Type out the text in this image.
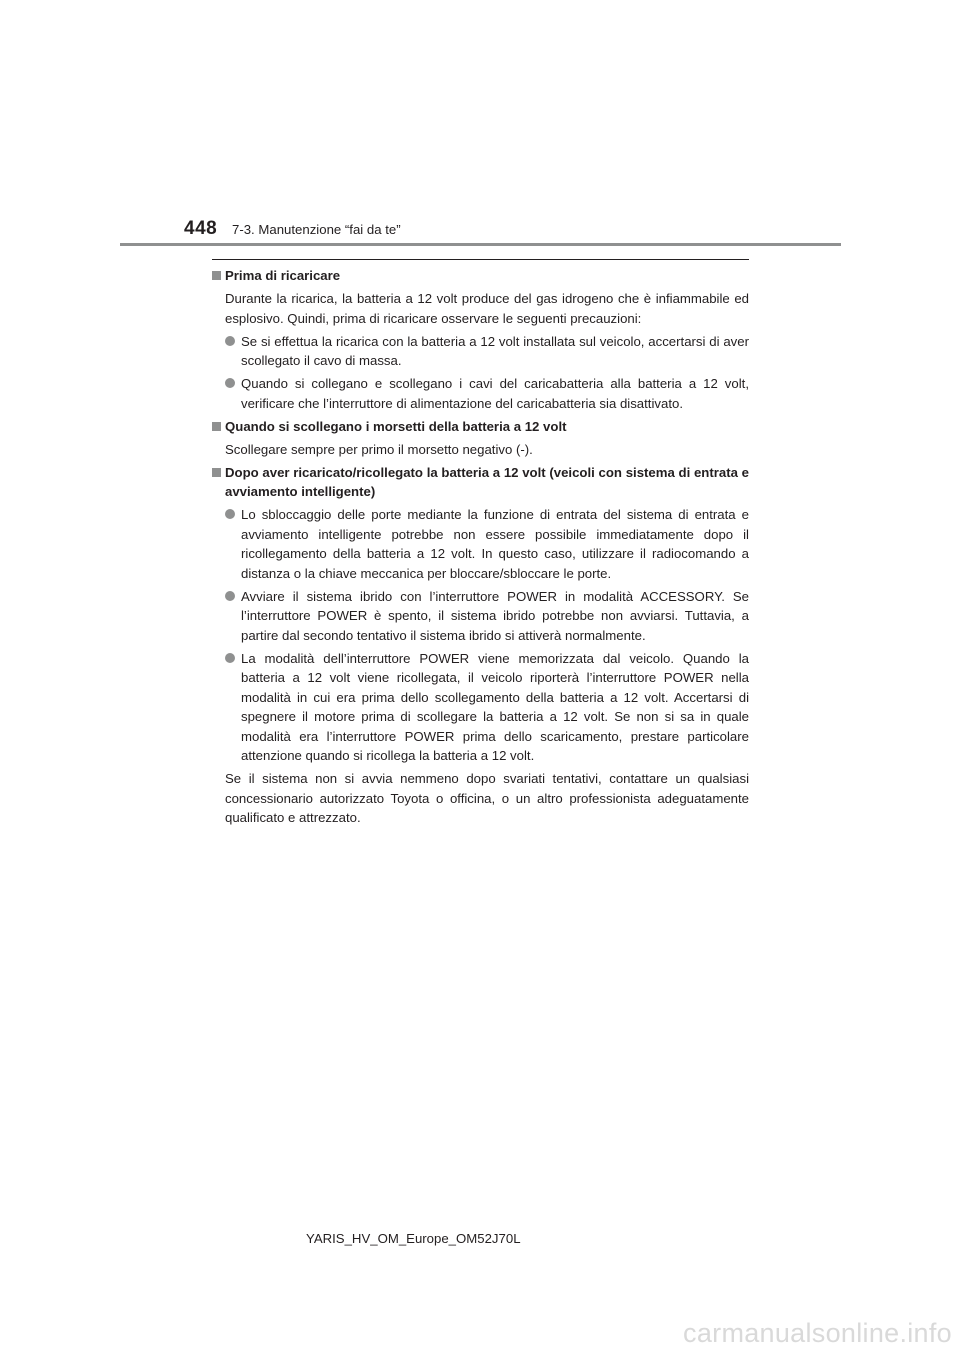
448 7-3. Manutenzione “fai da te”
Prima di ricaricare
Durante la ricarica, la batteria a 12 volt produce del gas idrogeno che è infiammabile ed esplosivo. Quindi, prima di ricaricare osservare le seguenti precauzioni:
Se si effettua la ricarica con la batteria a 12 volt installata sul veicolo, accertarsi di aver scollegato il cavo di massa.
Quando si collegano e scollegano i cavi del caricabatteria alla batteria a 12 volt, verificare che l’interruttore di alimentazione del caricabatteria sia disattivato.
Quando si scollegano i morsetti della batteria a 12 volt
Scollegare sempre per primo il morsetto negativo (-).
Dopo aver ricaricato/ricollegato la batteria a 12 volt (veicoli con sistema di entrata e avviamento intelligente)
Lo sbloccaggio delle porte mediante la funzione di entrata del sistema di entrata e avviamento intelligente potrebbe non essere possibile immediatamente dopo il ricollegamento della batteria a 12 volt. In questo caso, utilizzare il radiocomando a distanza o la chiave meccanica per bloccare/sbloccare le porte.
Avviare il sistema ibrido con l’interruttore POWER in modalità ACCESSORY. Se l’interruttore POWER è spento, il sistema ibrido potrebbe non avviarsi. Tuttavia, a partire dal secondo tentativo il sistema ibrido si attiverà normalmente.
La modalità dell’interruttore POWER viene memorizzata dal veicolo. Quando la batteria a 12 volt viene ricollegata, il veicolo riporterà l’interruttore POWER nella modalità in cui era prima dello scollegamento della batteria a 12 volt. Accertarsi di spegnere il motore prima di scollegare la batteria a 12 volt. Se non si sa in quale modalità era l’interruttore POWER prima dello scaricamento, prestare particolare attenzione quando si ricollega la batteria a 12 volt.
Se il sistema non si avvia nemmeno dopo svariati tentativi, contattare un qualsiasi concessionario autorizzato Toyota o officina, o un altro professionista adeguatamente qualificato e attrezzato.
YARIS_HV_OM_Europe_OM52J70L
carmanualsonline.info
